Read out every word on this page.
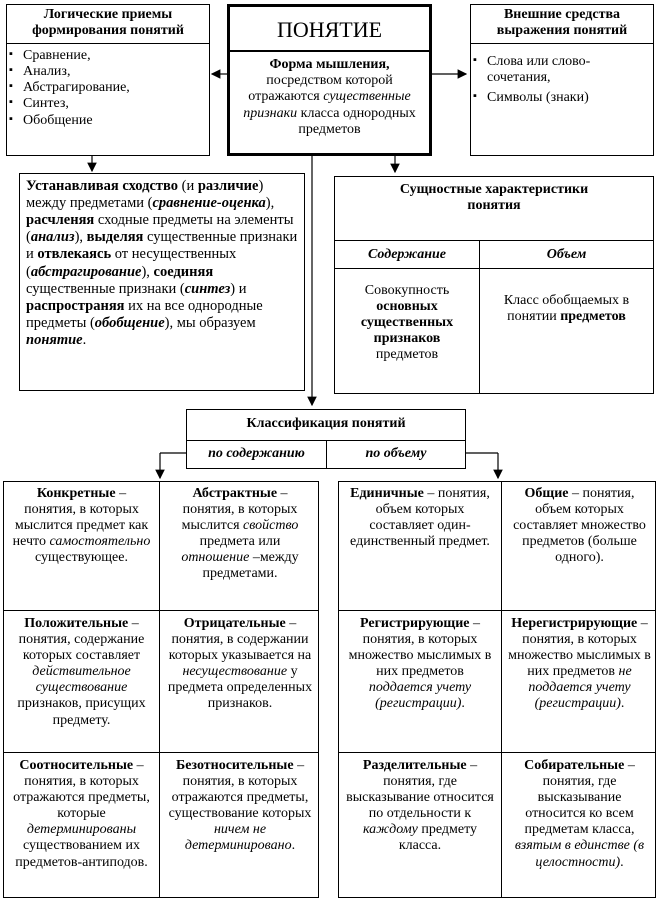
Логические приемы формирования понятий
▪ Сравнение,
▪ Анализ,
▪ Абстрагирование,
▪ Синтез,
▪ Обобщение
ПОНЯТИЕ
Форма мышления, посредством которой отражаются существенные признаки класса однородных предметов
Внешние средства выражения понятий
▪ Слова или слово-сочетания,
▪ Символы (знаки)
Устанавливая сходство (и различие) между предметами (сравнение-оценка), расчленяя сходные предметы на элементы (анализ), выделяя существенные признаки и отвлекаясь от несущественных (абстрагирование), соединяя существенные признаки (синтез) и распространяя их на все однородные предметы (обобщение), мы образуем понятие.
Сущностные характеристики понятия
Содержание	Объем
Совокупность основных существенных признаков предметов
Класс обобщаемых в понятии предметов
Классификация понятий
по содержанию	по объему
Конкретные – понятия, в которых мыслится предмет как нечто самостоятельно существующее.
Абстрактные – понятия, в которых мыслится свойство предмета или отношение –между предметами.
Положительные – понятия, содержание которых составляет действительное существование признаков, присущих предмету.
Отрицательные – понятия, в содержании которых указывается на несуществование у предмета определенных признаков.
Соотносительные – понятия, в которых отражаются предметы, которые детерминированы существованием их предметов-антиподов.
Безотносительные – понятия, в которых отражаются предметы, существование которых ничем не детерминировано.
Единичные – понятия, объем которых составляет один-единственный предмет.
Общие – понятия, объем которых составляет множество предметов (больше одного).
Регистрирующие – понятия, в которых множество мыслимых в них предметов поддается учету (регистрации).
Нерегистрирующие – понятия, в которых множество мыслимых в них предметов не поддается учету (регистрации).
Разделительные – понятия, где высказывание относится по отдельности к каждому предмету класса.
Собирательные – понятия, где высказывание относится ко всем предметам класса, взятым в единстве (в целостности).
